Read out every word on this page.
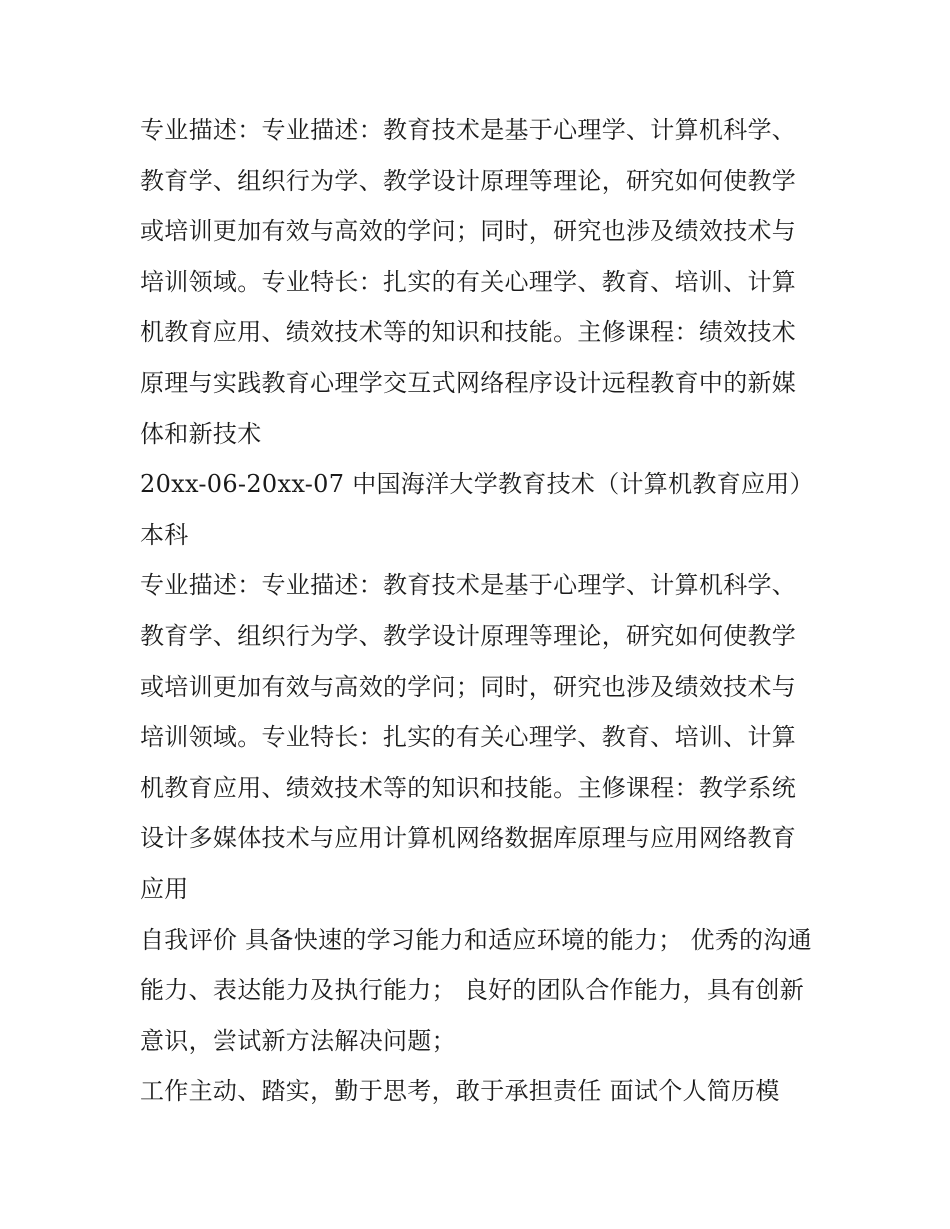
专业描述：专业描述：教育技术是基于心理学、计算机科学、教育学、组织行为学、教学设计原理等理论，研究如何使教学或培训更加有效与高效的学问；同时，研究也涉及绩效技术与培训领域。专业特长：扎实的有关心理学、教育、培训、计算机教育应用、绩效技术等的知识和技能。主修课程：绩效技术原理与实践教育心理学交互式网络程序设计远程教育中的新媒体和新技术

20xx-06-20xx-07 中国海洋大学教育技术（计算机教育应用）本科

专业描述：专业描述：教育技术是基于心理学、计算机科学、教育学、组织行为学、教学设计原理等理论，研究如何使教学或培训更加有效与高效的学问；同时，研究也涉及绩效技术与培训领域。专业特长：扎实的有关心理学、教育、培训、计算机教育应用、绩效技术等的知识和技能。主修课程：教学系统设计多媒体技术与应用计算机网络数据库原理与应用网络教育应用

自我评价 具备快速的学习能力和适应环境的能力； 优秀的沟通能力、表达能力及执行能力； 良好的团队合作能力，具有创新意识，尝试新方法解决问题；

工作主动、踏实，勤于思考，敢于承担责任 面试个人简历模
